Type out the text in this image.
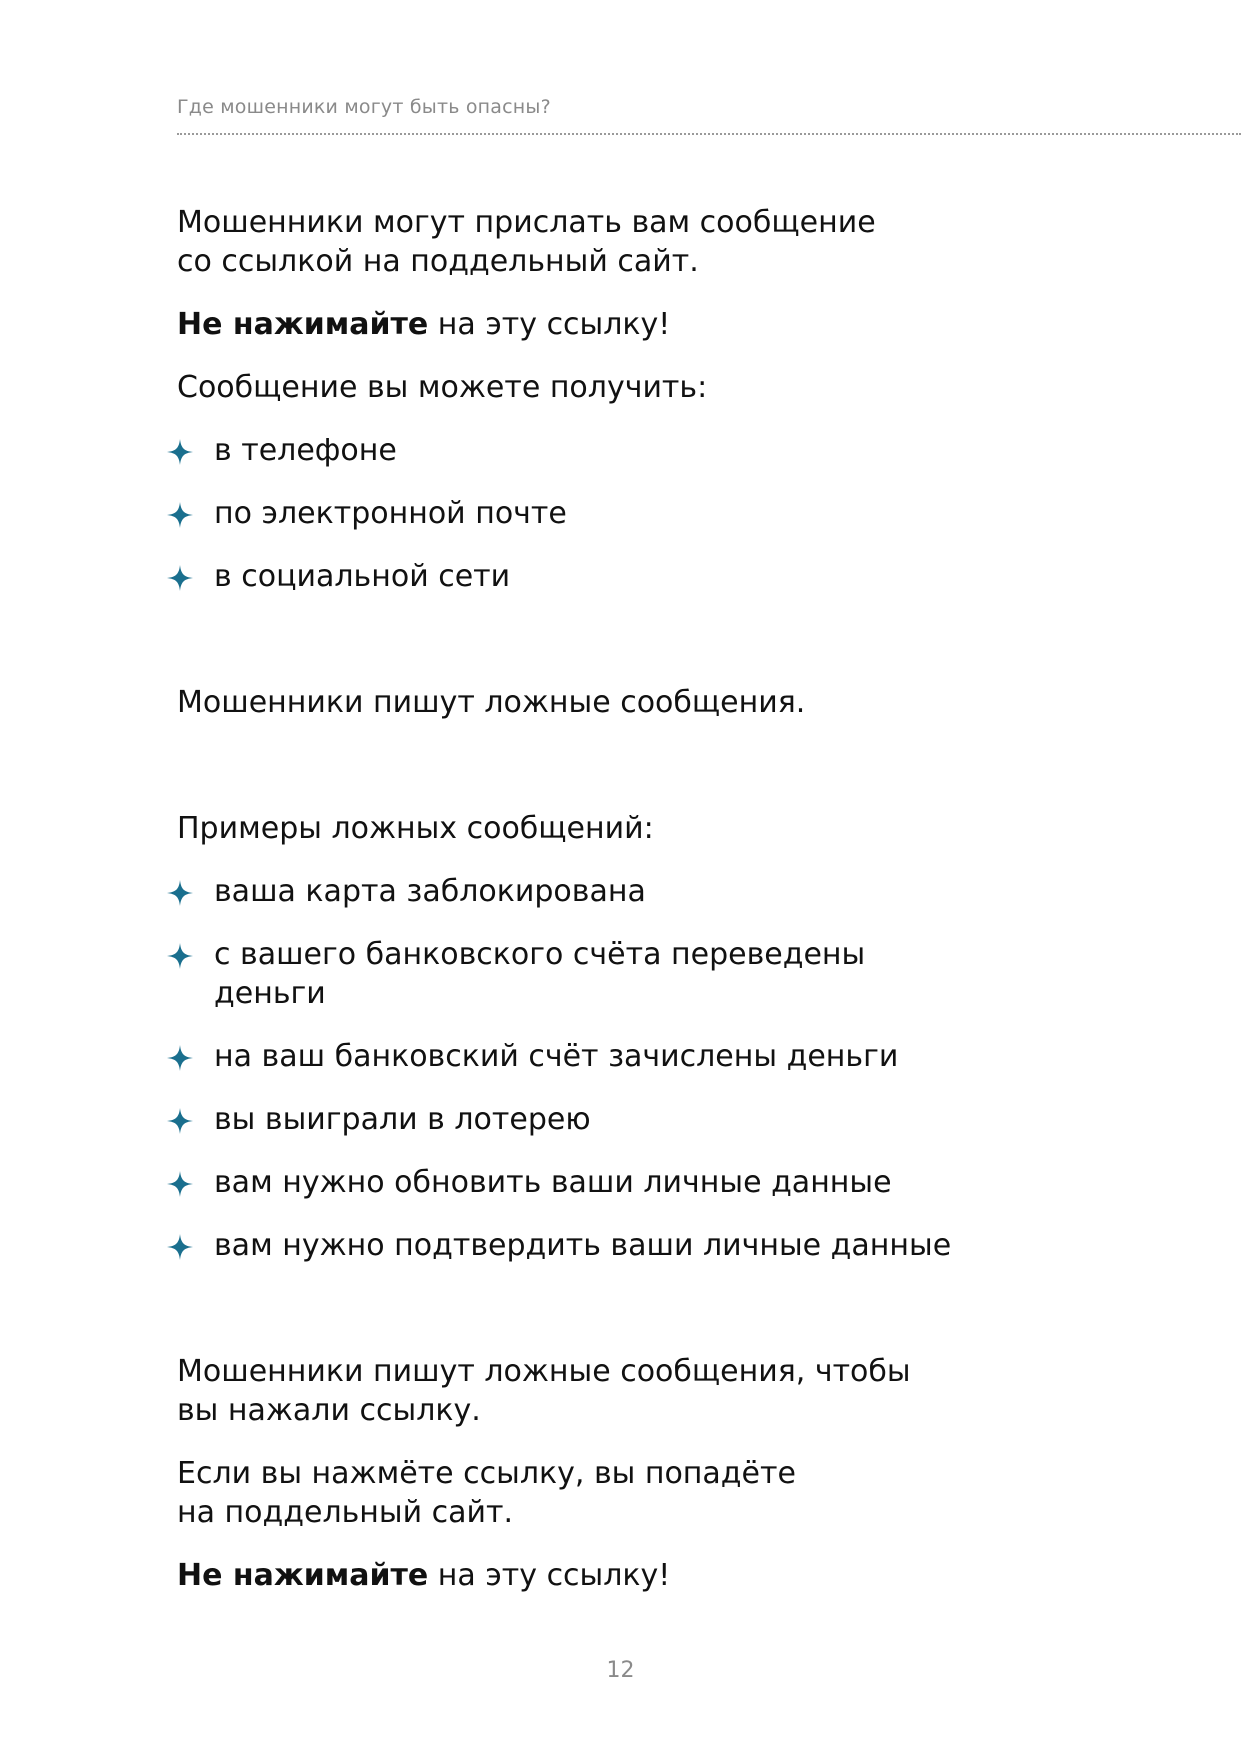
Где мошенники могут быть опасны?

Мошенники могут прислать вам сообщение
со ссылкой на поддельный сайт.

Не нажимайте на эту ссылку!

Сообщение вы можете получить:

в телефоне
по электронной почте
в социальной сети

Мошенники пишут ложные сообщения.

Примеры ложных сообщений:

ваша карта заблокирована
с вашего банковского счёта переведены
деньги
на ваш банковский счёт зачислены деньги
вы выиграли в лотерею
вам нужно обновить ваши личные данные
вам нужно подтвердить ваши личные данные

Мошенники пишут ложные сообщения, чтобы
вы нажали ссылку.

Если вы нажмёте ссылку, вы попадёте
на поддельный сайт.

Не нажимайте на эту ссылку!

12
